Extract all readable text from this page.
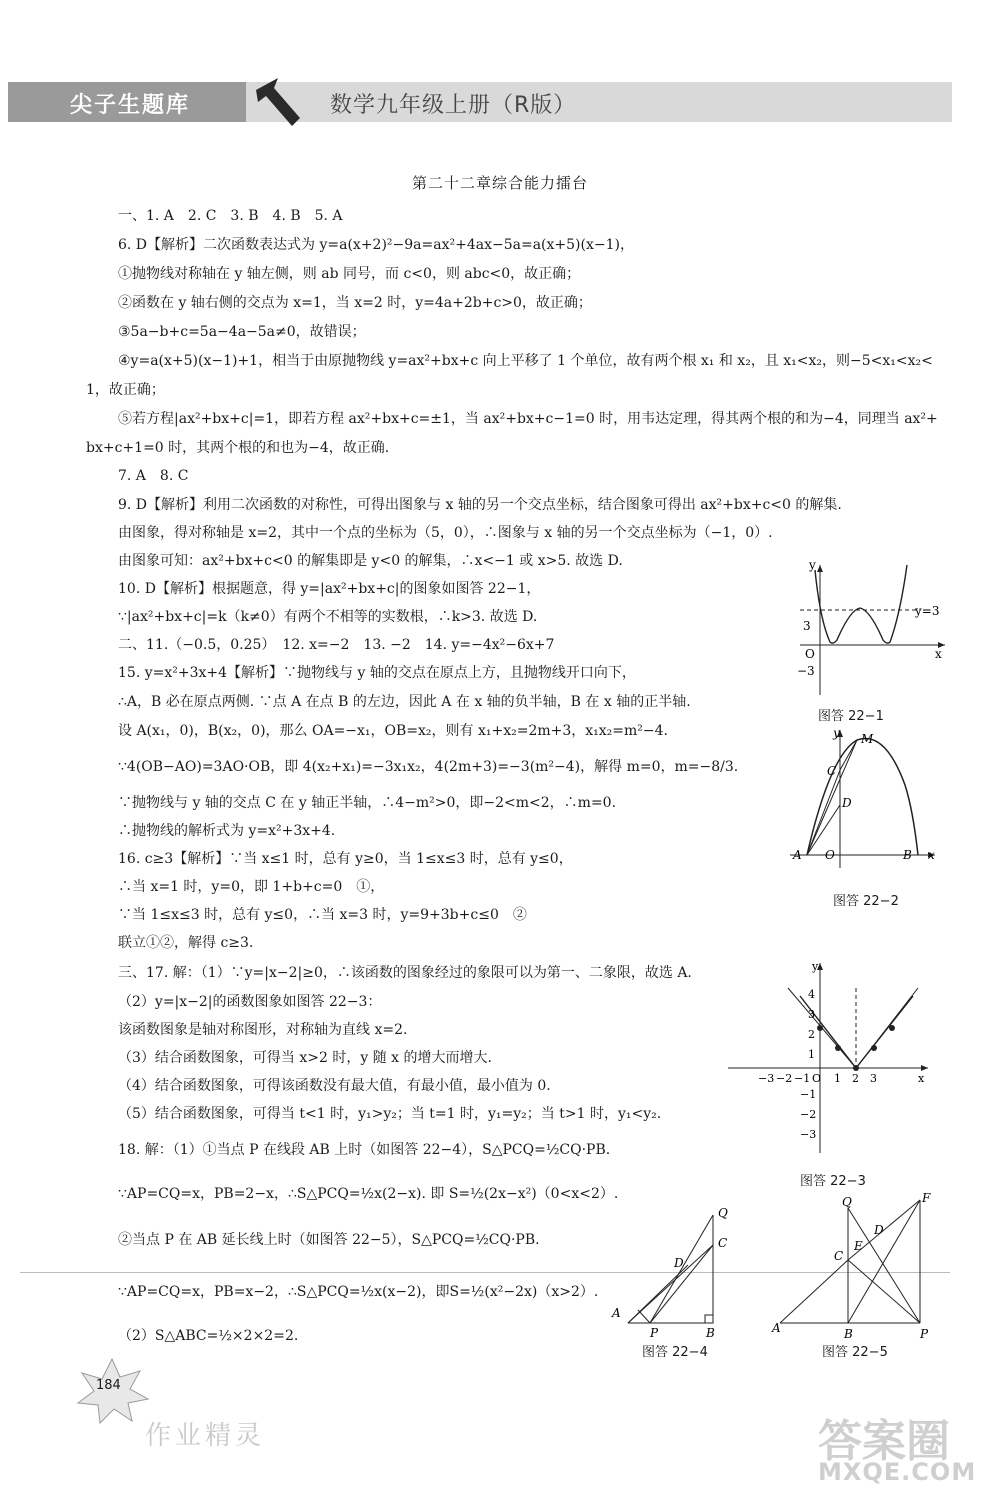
尖子生题库	数学九年级上册（R版）
第二十二章综合能力擂台
一、1. A　2. C　3. B　4. B　5. A
6. D【解析】二次函数表达式为 y=a(x+2)²−9a=ax²+4ax−5a=a(x+5)(x−1)，
①抛物线对称轴在 y 轴左侧，则 ab 同号，而 c<0，则 abc<0，故正确；
②函数在 y 轴右侧的交点为 x=1，当 x=2 时，y=4a+2b+c>0，故正确；
③5a−b+c=5a−4a−5a≠0，故错误；
④y=a(x+5)(x−1)+1，相当于由原抛物线 y=ax²+bx+c 向上平移了 1 个单位，故有两个根 x₁ 和 x₂，且 x₁<x₂，则−5<x₁<x₂<
1，故正确；
⑤若方程|ax²+bx+c|=1，即若方程 ax²+bx+c=±1，当 ax²+bx+c−1=0 时，用韦达定理，得其两个根的和为−4，同理当 ax²+
bx+c+1=0 时，其两个根的和也为−4，故正确.
7. A　8. C
9. D【解析】利用二次函数的对称性，可得出图象与 x 轴的另一个交点坐标，结合图象可得出 ax²+bx+c<0 的解集.
由图象，得对称轴是 x=2，其中一个点的坐标为（5，0），∴图象与 x 轴的另一个交点坐标为（−1，0）.
由图象可知：ax²+bx+c<0 的解集即是 y<0 的解集，∴x<−1 或 x>5. 故选 D.
10. D【解析】根据题意，得 y=|ax²+bx+c|的图象如图答 22−1，
∵|ax²+bx+c|=k（k≠0）有两个不相等的实数根，∴k>3. 故选 D.
二、11.（−0.5，0.25）　12. x=−2　13. −2　14. y=−4x²−6x+7
15. y=x²+3x+4【解析】∵抛物线与 y 轴的交点在原点上方，且抛物线开口向下，
∴A，B 必在原点两侧. ∵点 A 在点 B 的左边，因此 A 在 x 轴的负半轴，B 在 x 轴的正半轴.
设 A(x₁，0)，B(x₂，0)，那么 OA=−x₁，OB=x₂，则有 x₁+x₂=2m+3，x₁x₂=m²−4.
∵4(OB−AO)=3AO·OB，即 4(x₂+x₁)=−3x₁x₂，4(2m+3)=−3(m²−4)，解得 m=0，m=−8/3.
∵抛物线与 y 轴的交点 C 在 y 轴正半轴，∴4−m²>0，即−2<m<2，∴m=0.
∴抛物线的解析式为 y=x²+3x+4.
16. c≥3【解析】∵当 x≤1 时，总有 y≥0，当 1≤x≤3 时，总有 y≤0，
∴当 x=1 时，y=0，即 1+b+c=0　①，
∵当 1≤x≤3 时，总有 y≤0，∴当 x=3 时，y=9+3b+c≤0　②
联立①②，解得 c≥3.
三、17. 解：（1）∵y=|x−2|≥0，∴该函数的图象经过的象限可以为第一、二象限，故选 A.
（2）y=|x−2|的函数图象如图答 22−3：
该函数图象是轴对称图形，对称轴为直线 x=2.
（3）结合函数图象，可得当 x>2 时，y 随 x 的增大而增大.
（4）结合函数图象，可得该函数没有最大值，有最小值，最小值为 0.
（5）结合函数图象，可得当 t<1 时，y₁>y₂；当 t=1 时，y₁=y₂；当 t>1 时，y₁<y₂.
18. 解：（1）①当点 P 在线段 AB 上时（如图答 22−4），S△PCQ=½CQ·PB.
∵AP=CQ=x，PB=2−x，∴S△PCQ=½x(2−x). 即 S=½(2x−x²)（0<x<2）.
②当点 P 在 AB 延长线上时（如图答 22−5），S△PCQ=½CQ·PB.
∵AP=CQ=x，PB=x−2，∴S△PCQ=½x(x−2)，即S=½(x²−2x)（x>2）.
（2）S△ABC=½×2×2=2.
y
3
O
−3
y=3
x
图答 22−1
y M
C
D
A O	B x
图答 22−2
y
4
3
2
1
−1
−2
−3
−3 −2 −1 O 1 2 3	x
图答 22−3
Q
C
D
A
P	B
图答 22−4
Q	F
D
C
E
A	B	P
图答 22−5
184
作业精灵	答案圈
MXQE.COM
